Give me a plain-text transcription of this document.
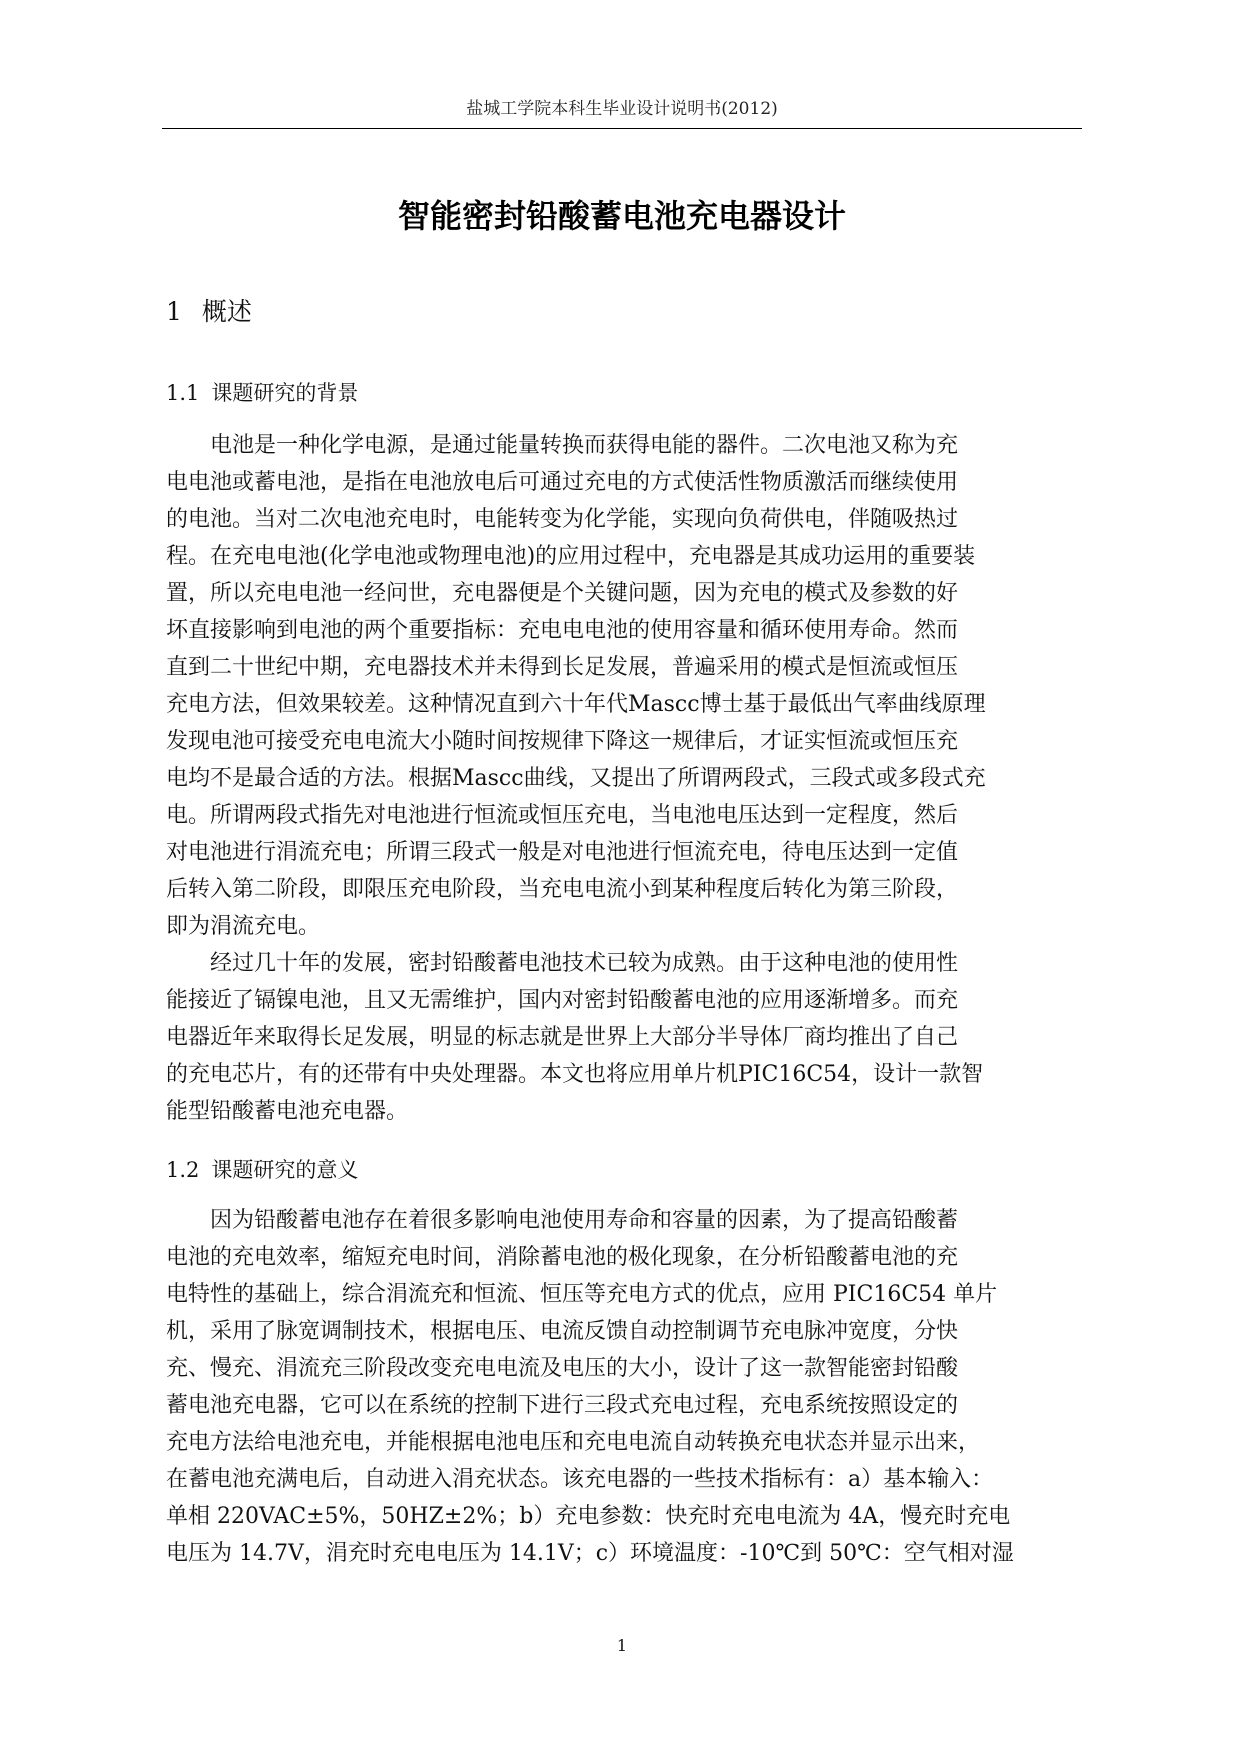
盐城工学院本科生毕业设计说明书(2012)
智能密封铅酸蓄电池充电器设计
1 概述
1.1 课题研究的背景

　　电池是一种化学电源，是通过能量转换而获得电能的器件。二次电池又称为充
电电池或蓄电池，是指在电池放电后可通过充电的方式使活性物质激活而继续使用
的电池。当对二次电池充电时，电能转变为化学能，实现向负荷供电，伴随吸热过
程。在充电电池(化学电池或物理电池)的应用过程中，充电器是其成功运用的重要装
置，所以充电电池一经问世，充电器便是个关键问题，因为充电的模式及参数的好
坏直接影响到电池的两个重要指标：充电电电池的使用容量和循环使用寿命。然而
直到二十世纪中期，充电器技术并未得到长足发展，普遍采用的模式是恒流或恒压
充电方法，但效果较差。这种情况直到六十年代Mascc博士基于最低出气率曲线原理
发现电池可接受充电电流大小随时间按规律下降这一规律后，才证实恒流或恒压充
电均不是最合适的方法。根据Mascc曲线，又提出了所谓两段式，三段式或多段式充
电。所谓两段式指先对电池进行恒流或恒压充电，当电池电压达到一定程度，然后
对电池进行涓流充电；所谓三段式一般是对电池进行恒流充电，待电压达到一定值
后转入第二阶段，即限压充电阶段，当充电电流小到某种程度后转化为第三阶段，
即为涓流充电。

　　经过几十年的发展，密封铅酸蓄电池技术已较为成熟。由于这种电池的使用性
能接近了镉镍电池，且又无需维护，国内对密封铅酸蓄电池的应用逐渐增多。而充
电器近年来取得长足发展，明显的标志就是世界上大部分半导体厂商均推出了自己
的充电芯片，有的还带有中央处理器。本文也将应用单片机PIC16C54，设计一款智
能型铅酸蓄电池充电器。

1.2 课题研究的意义

　　因为铅酸蓄电池存在着很多影响电池使用寿命和容量的因素，为了提高铅酸蓄
电池的充电效率，缩短充电时间，消除蓄电池的极化现象，在分析铅酸蓄电池的充
电特性的基础上，综合涓流充和恒流、恒压等充电方式的优点，应用 PIC16C54 单片
机，采用了脉宽调制技术，根据电压、电流反馈自动控制调节充电脉冲宽度，分快
充、慢充、涓流充三阶段改变充电电流及电压的大小，设计了这一款智能密封铅酸
蓄电池充电器，它可以在系统的控制下进行三段式充电过程，充电系统按照设定的
充电方法给电池充电，并能根据电池电压和充电电流自动转换充电状态并显示出来，
在蓄电池充满电后，自动进入涓充状态。该充电器的一些技术指标有：a）基本输入：
单相 220VAC±5%，50HZ±2%；b）充电参数：快充时充电电流为 4A，慢充时充电
电压为 14.7V，涓充时充电电压为 14.1V；c）环境温度：-10℃到 50℃：空气相对湿

1
